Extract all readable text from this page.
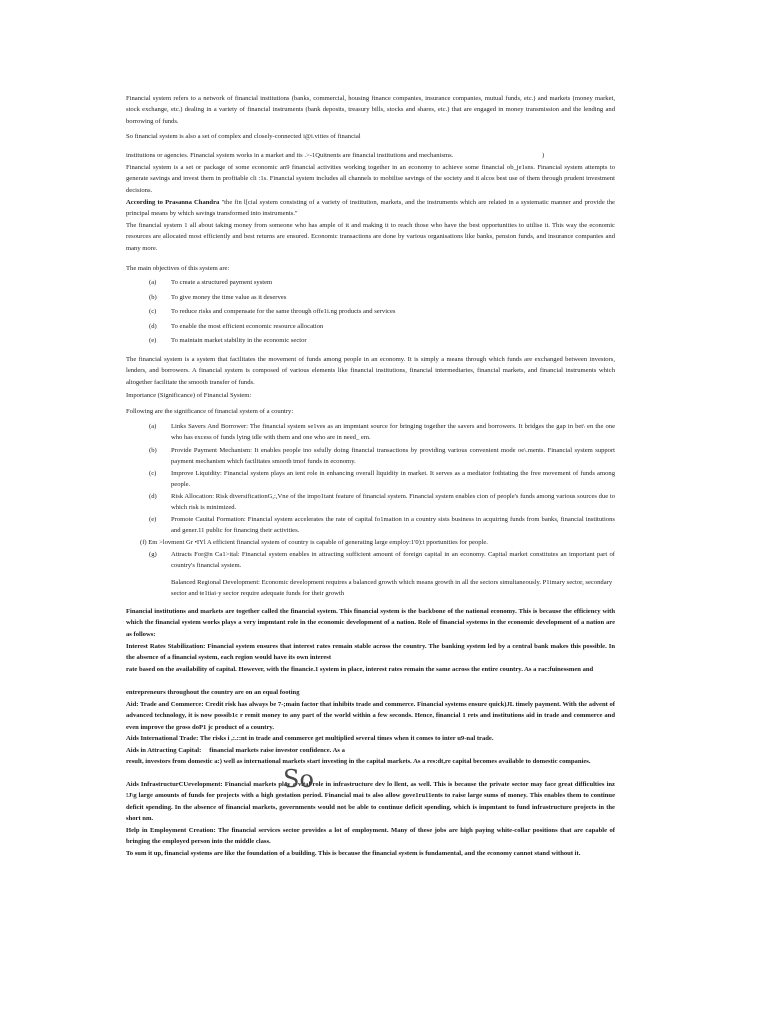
Financial system refers to a network of financial institutions (banks, commercial, housing finance companies, insurance companies, mutual funds, etc.) and markets (money market, stock exchange, etc.) dealing in a variety of financial instruments (bank deposits, treasury bills, stocks and shares, etc.) that are engaged in money transmission and the lending and borrowing of funds.

So financial system is also a set of complex and closely-connected i@i.vities of financial

institutions or agencies. Financial system works in a market and its .>-1Quitnents are financial institutions and mechanisms.	)

Financial system is a set or package of some economic an9 financial activities working together in an economy to achieve some financial ob_je1sns. Financial system attempts to generate savings and invest them in profitable cli :1s. Financial system includes all channels to mobilise savings of the society and it alcos best use of them through prudent investment decisions.

According to Prasanna Chandra "the fin l[cial system consisting of a variety of institution, markets, and the instruments which are related in a systematic manner and provide the principal means by which savings transformed into instruments."

The financial system 1 all about taking money from someone who has ample of it and making it to reach those who have the best opportunities to utilise it. This way the economic resources are allocated most efficiently and best returns are ensured. Economic transactions are done by various organisations like banks, pension funds, and insurance companies and many more.

The main objectives of this system are:

(a) To create a structured payment system
(b) To give money the time value as it deserves
(c) To reduce risks and compensate for the same through offe1i.ng products and services
(d) To enable the most efficient economic resource allocation
(e) To maintain market stability in the economic sector

The financial system is a system that facilitates the movement of funds among people in an economy. It is simply a means through which funds are exchanged between investors, lenders, and borrowers. A financial system is composed of various elements like financial institutions, financial intermediaries, financial markets, and financial instruments which altogether facilitate the smooth transfer of funds.

Importance (Significance) of Financial System:

Following are the significance of financial system of a country:

(a) Links Savers And Borrower: The financial system se1ves as an impmtant source for bringing together the savers and borrowers. It bridges the gap in bet\ en the one who has excess of funds lying idle with them and one who are in need_ em.
(b) Provide Payment Mechanism: It enables people ino ssfully doing financial transactions by providing various convenient mode oe\.ments. Financial system support payment mechanism which facilitates smooth tmof funds in economy.
(c) Improve Liquidity: Financial system plays an ient role in enhancing overall liquidity in market. It serves as a mediator fothtating the free movement of funds among people.
(d) Risk Allocation: Risk diversificationG,:,Vne of the impo1tant feature of financial system. Financial system enables cion of people's funds among various sources due to which risk is minimized.
(e) Promote Cauital Formation: Financial system accelerates the rate of capital fo1mation in a country sists business in acquiring funds from banks, financial institutions and gener.11 public for financing their activities.

(f) Em >lovment Gr •IYl A efficient financial system of country is capable of generating large employ:1'0):t pportunities for people.

(g) Attracts For@n Ca1>ital: Financial system enables in attracting sufficient amount of foreign capital in an economy. Capital market constitutes an important part of country's financial system.

Balanced Regional Development: Economic development requires a balanced growth which means growth in all the sectors simultaneously. P1imary sector, secondary sector and te1tiai·y sector require adequate funds for their growth

Financial institutions and markets are together called the financial system. This financial system is the backbone of the national economy. This is because the efficiency with which the financial system works plays a very impmtant role in the economic development of a nation. Role of financial systems in the economic development of a nation are as follows:

Interest Rates Stabilization: Financial system ensures that interest rates remain stable across the country. The banking system led by a central bank makes this possible. In the absence of a financial system, each region would have its own interest

rate based on the availability of capital. However, with the financie.1 system in place, interest rates remain the same across the entire country. As a rac:fuinessmen and

entrepreneurs throughout the country are on an equal footing

Aid: Trade and Commerce: Credit risk has always be 7-;main factor that inhibits trade and commerce. Financial systems ensure quick)JL timely payment. With the advent of advanced technology, it is now possib1c r remit money to any part of the world within a few seconds. Hence, financial 1 rets and institutions aid in trade and commerce and even improve the gross doP1 jc product of a country.

Aids International Trade: The risks i ,:.::nt in trade and commerce get multiplied several times when it comes to inter u9-nal trade.

Aids in Attracting Capital: financial markets raise investor confidence. As a

result, investors from domestic a:) well as international markets start investing in the capital markets. As a res:dt,re capital becomes available to domestic companies.

Aids InfrastructurCUevelopment: Financial markets play a vital role in infrastructure dev lo llent, as well. This is because the private sector may face great difficulties inz !J\g large amounts of funds for projects with a high gestation period. Financial mai ts also allow gove1ru11ents to raise large sums of money. This enables them to continue deficit spending. In the absence of financial markets, governments would not be able to continue deficit spending, which is impmtant to fund infrastructure projects in the short nm.

Help in Employment Creation: The financial services sector provides a lot of employment. Many of these jobs are high paying white-collar positions that are capable of bringing the employed person into the middle class.

To sum it up, financial systems are like the foundation of a building. This is because the financial system is fundamental, and the economy cannot stand without it.

So
